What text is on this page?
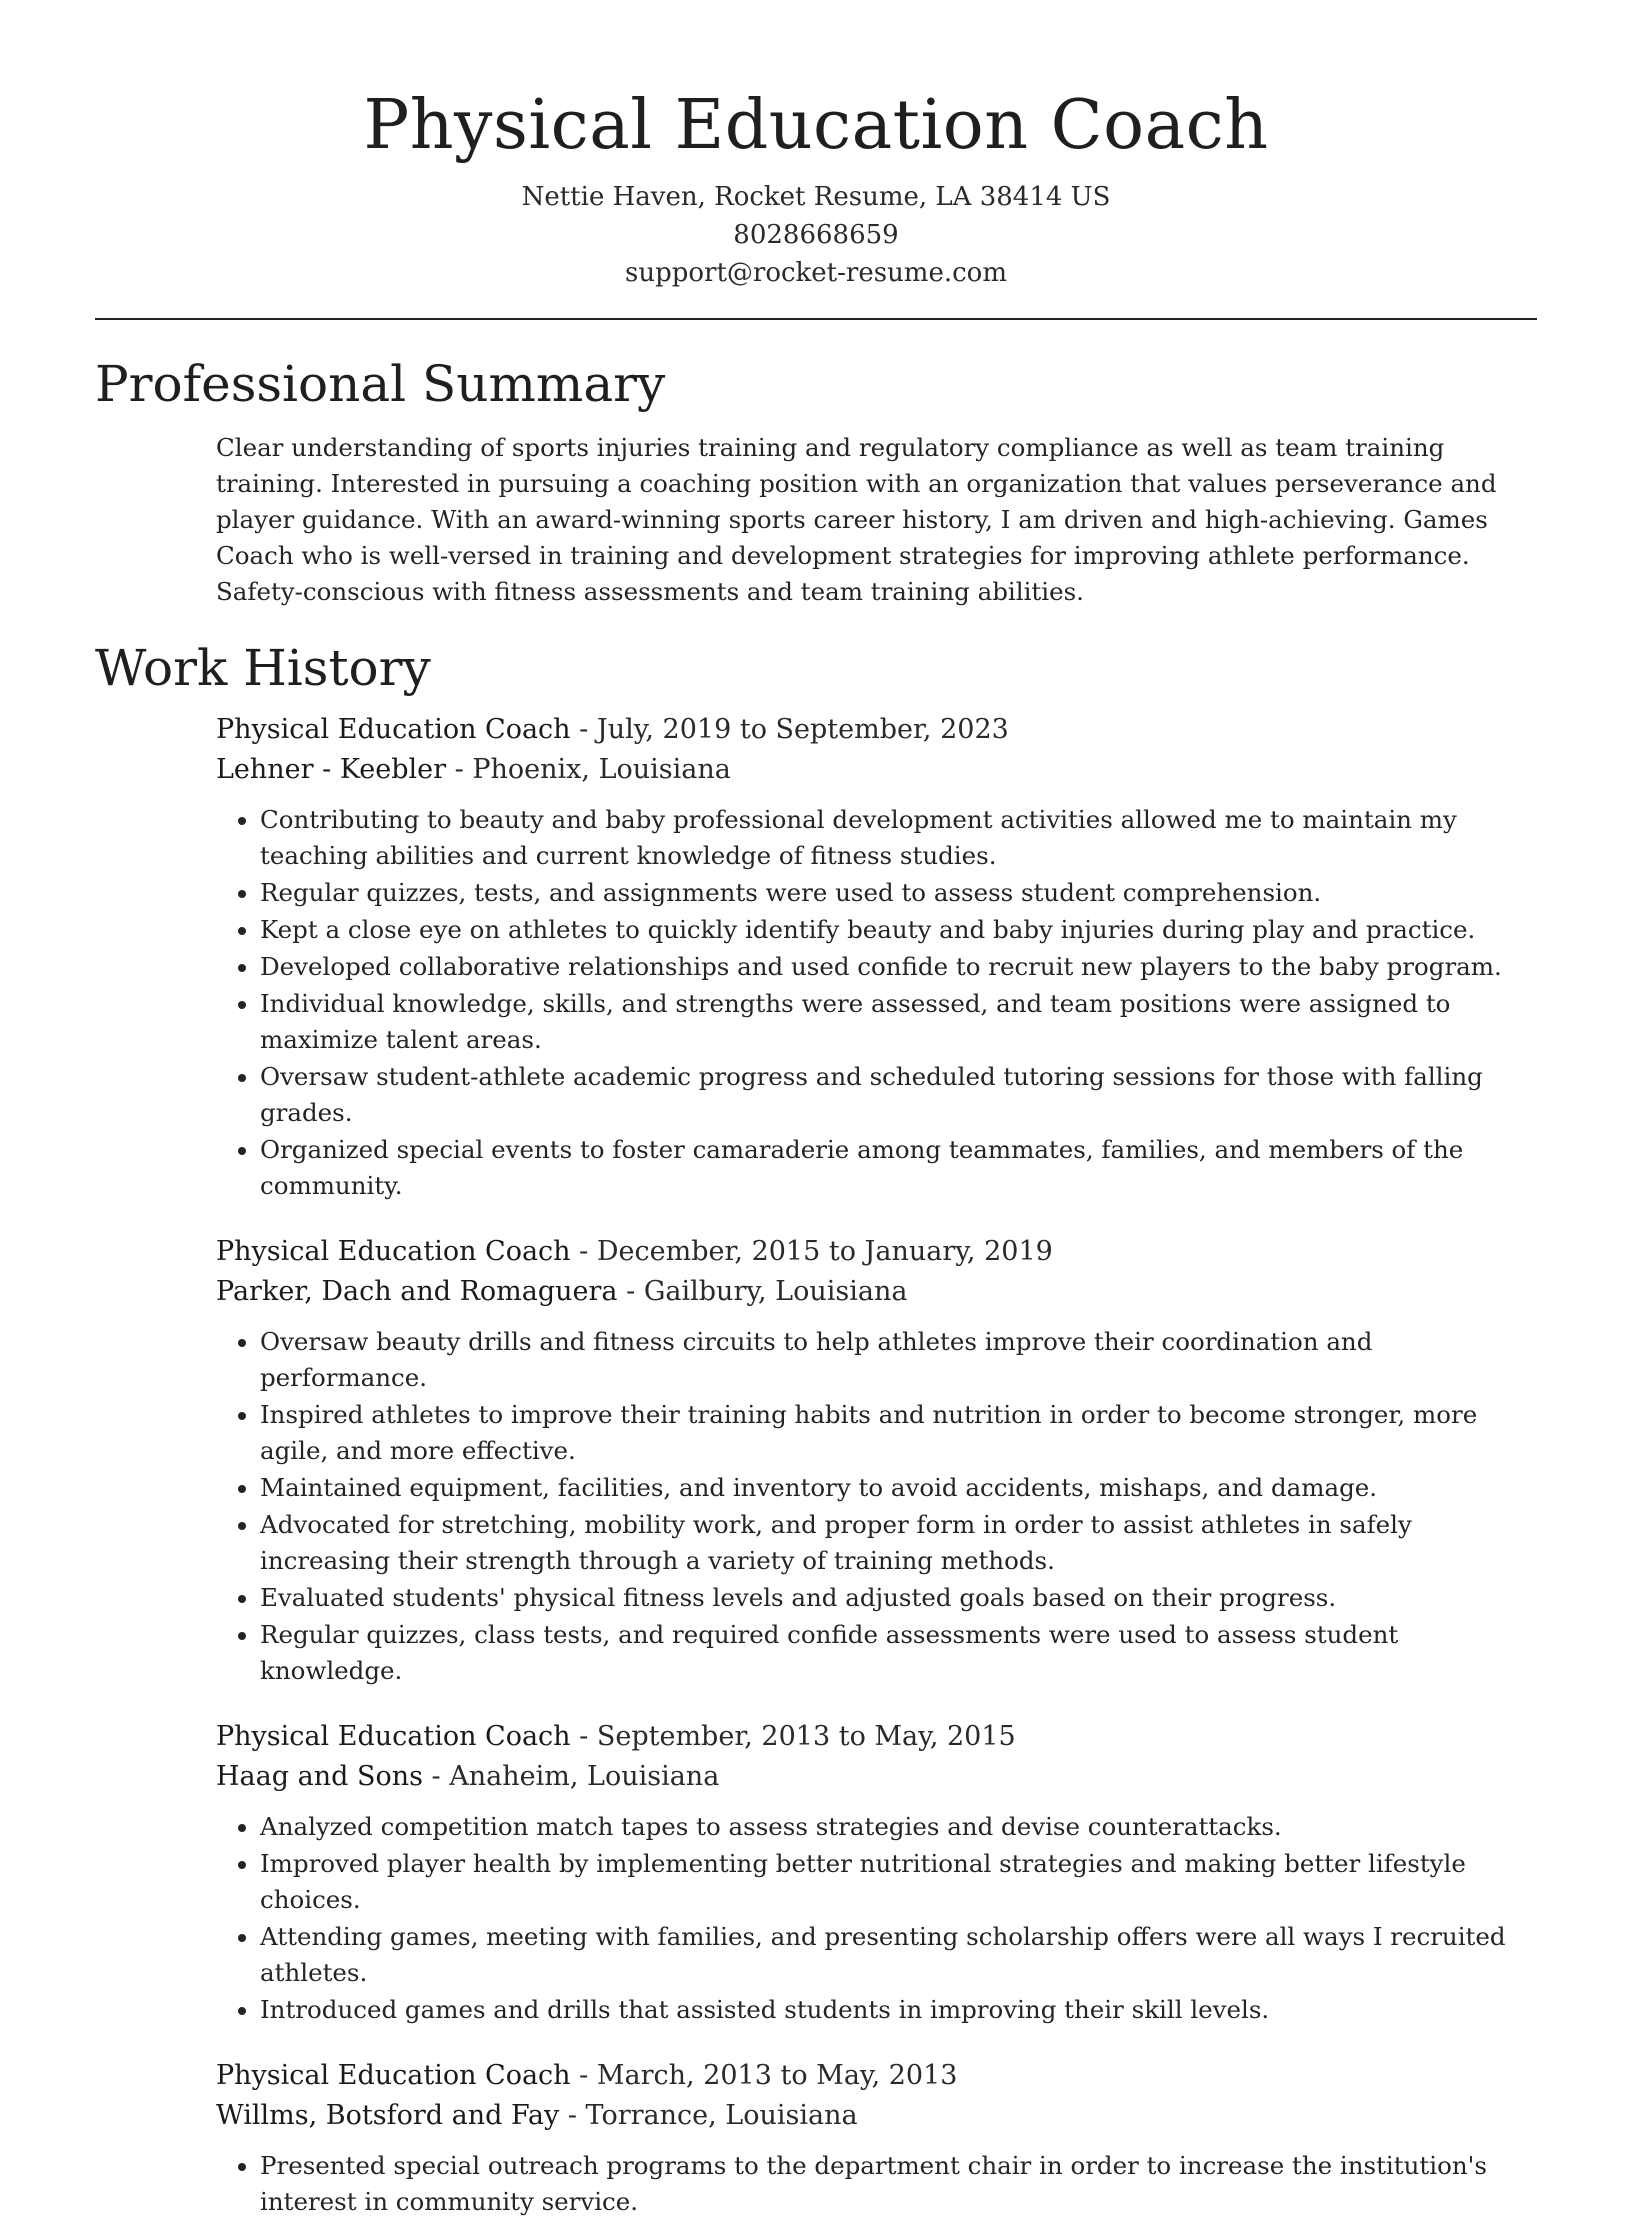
Physical Education Coach
Nettie Haven, Rocket Resume, LA 38414 US
8028668659
support@rocket-resume.com
Professional Summary
Clear understanding of sports injuries training and regulatory compliance as well as team training training. Interested in pursuing a coaching position with an organization that values perseverance and player guidance. With an award-winning sports career history, I am driven and high-achieving. Games Coach who is well-versed in training and development strategies for improving athlete performance. Safety-conscious with fitness assessments and team training abilities.
Work History
Physical Education Coach - July, 2019 to September, 2023
Lehner - Keebler - Phoenix, Louisiana
• Contributing to beauty and baby professional development activities allowed me to maintain my teaching abilities and current knowledge of fitness studies.
• Regular quizzes, tests, and assignments were used to assess student comprehension.
• Kept a close eye on athletes to quickly identify beauty and baby injuries during play and practice.
• Developed collaborative relationships and used confide to recruit new players to the baby program.
• Individual knowledge, skills, and strengths were assessed, and team positions were assigned to maximize talent areas.
• Oversaw student-athlete academic progress and scheduled tutoring sessions for those with falling grades.
• Organized special events to foster camaraderie among teammates, families, and members of the community.
Physical Education Coach - December, 2015 to January, 2019
Parker, Dach and Romaguera - Gailbury, Louisiana
• Oversaw beauty drills and fitness circuits to help athletes improve their coordination and performance.
• Inspired athletes to improve their training habits and nutrition in order to become stronger, more agile, and more effective.
• Maintained equipment, facilities, and inventory to avoid accidents, mishaps, and damage.
• Advocated for stretching, mobility work, and proper form in order to assist athletes in safely increasing their strength through a variety of training methods.
• Evaluated students' physical fitness levels and adjusted goals based on their progress.
• Regular quizzes, class tests, and required confide assessments were used to assess student knowledge.
Physical Education Coach - September, 2013 to May, 2015
Haag and Sons - Anaheim, Louisiana
• Analyzed competition match tapes to assess strategies and devise counterattacks.
• Improved player health by implementing better nutritional strategies and making better lifestyle choices.
• Attending games, meeting with families, and presenting scholarship offers were all ways I recruited athletes.
• Introduced games and drills that assisted students in improving their skill levels.
Physical Education Coach - March, 2013 to May, 2013
Willms, Botsford and Fay - Torrance, Louisiana
• Presented special outreach programs to the department chair in order to increase the institution's interest in community service.
